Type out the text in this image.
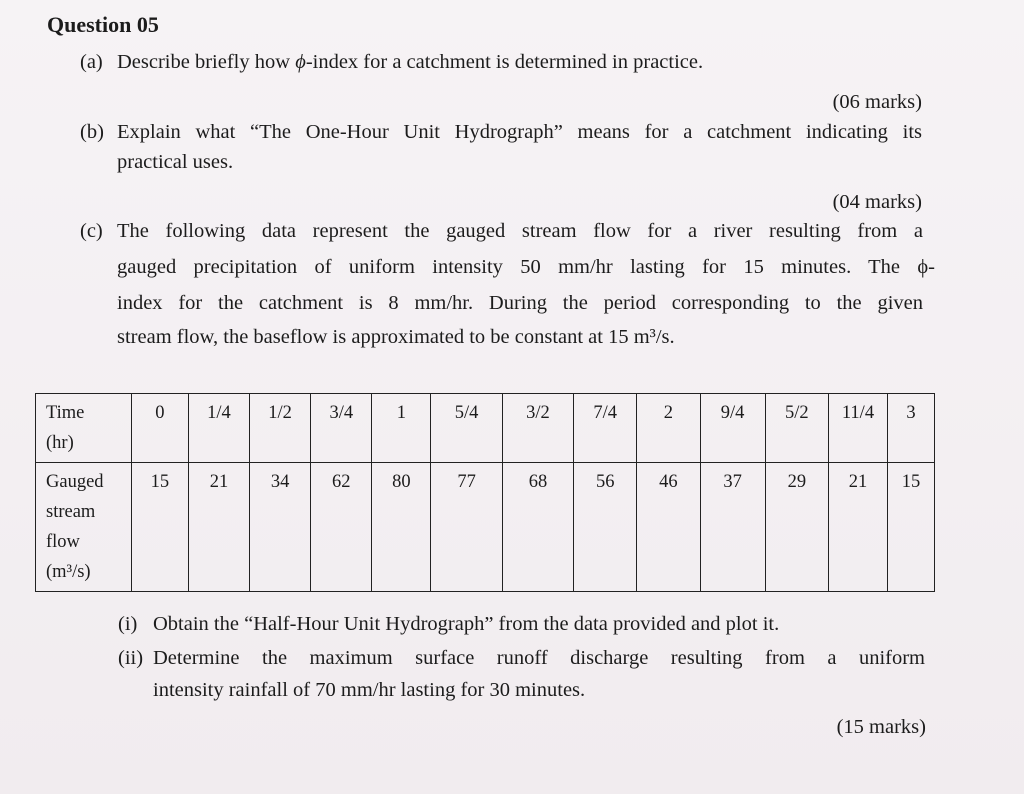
Question 05
(a) Describe briefly how ϕ-index for a catchment is determined in practice.
(06 marks)
(b) Explain what “The One-Hour Unit Hydrograph” means for a catchment indicating its
practical uses.
(04 marks)
(c) The following data represent the gauged stream flow for a river resulting from a
gauged precipitation of uniform intensity 50 mm/hr lasting for 15 minutes. The ϕ-
index for the catchment is 8 mm/hr. During the period corresponding to the given
stream flow, the baseflow is approximated to be constant at 15 m³/s.
Time
(hr)	0	1/4	1/2	3/4	1	5/4	3/2	7/4	2	9/4	5/2	11/4	3

Gauged
stream
flow
(m³/s)	15	21	34	62	80	77	68	56	46	37	29	21	15
(i) Obtain the “Half-Hour Unit Hydrograph” from the data provided and plot it.
(ii) Determine the maximum surface runoff discharge resulting from a uniform
intensity rainfall of 70 mm/hr lasting for 30 minutes.
(15 marks)
